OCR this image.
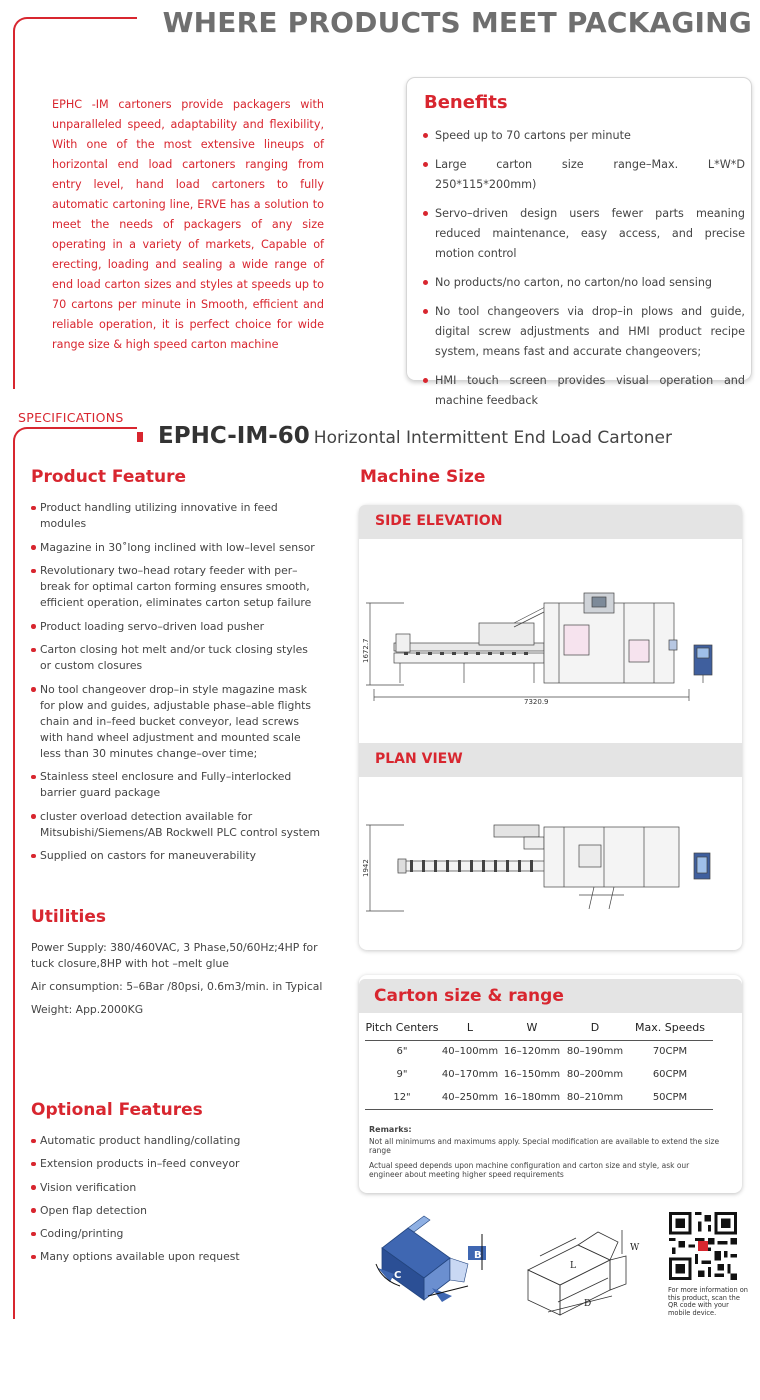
WHERE PRODUCTS MEET PACKAGING

EPHC -IM cartoners provide packagers with unparalleled speed, adaptability and flexibility, With one of the most extensive lineups of horizontal end load cartoners ranging from entry level, hand load cartoners to fully automatic cartoning line, ERVE has a solution to meet the needs of packagers of any size operating in a variety of markets, Capable of erecting, loading and sealing a wide range of end load carton sizes and styles at speeds up to 70 cartons per minute in Smooth, efficient and reliable operation, it is perfect choice for wide range size & high speed carton machine

Benefits
Speed up to 70 cartons per minute
Large carton size range–Max. L*W*D 250*115*200mm)
Servo–driven design users fewer parts meaning reduced maintenance, easy access, and precise motion control
No products/no carton, no carton/no load sensing
No tool changeovers via drop–in plows and guide, digital screw adjustments and HMI product recipe system, means fast and accurate changeovers;
HMI touch screen provides visual operation and machine feedback
SPECIFICATIONS
EPHC-IM-60 Horizontal Intermittent End Load Cartoner
Product Feature
Product handling utilizing innovative in feed modules
Magazine in 30˚long inclined with low–level sensor
Revolutionary two–head rotary feeder with per–break for optimal carton forming ensures smooth, efficient operation, eliminates carton setup failure
Product loading servo–driven load pusher
Carton closing hot melt and/or tuck closing styles or custom closures
No tool changeover drop–in style magazine mask for plow and guides, adjustable phase–able flights chain and in–feed bucket conveyor, lead screws with hand wheel adjustment and mounted scale less than 30 minutes change–over time;
Stainless steel enclosure and Fully–interlocked barrier guard package
cluster overload detection available for Mitsubishi/Siemens/AB Rockwell PLC control system
Supplied on castors for maneuverability
Utilities

Power Supply: 380/460VAC, 3 Phase,50/60Hz;4HP for tuck closure,8HP with hot –melt glue

Air consumption: 5–6Bar /80psi, 0.6m3/min. in Typical

Weight: App.2000KG

Optional Features
Automatic product handling/collating
Extension products in–feed conveyor
Vision verification
Open flap detection
Coding/printing
Many options available upon request
Machine Size
SIDE ELEVATION
PLAN VIEW
1672.7
7320.9
1942
Carton size & range
Pitch Centers	L	W	D	Max. Speeds
6"	40–100mm	16–120mm	80–190mm	70CPM
9"	40–170mm	16–150mm	80–200mm	60CPM
12"	40–250mm	16–180mm	80–210mm	50CPM
Remarks:

Not all minimums and maximums apply. Special modification are available to extend the size range

Actual speed depends upon machine configuration and carton size and style, ask our engineer about meeting higher speed requirements

B
C
A
L
W
D
For more information on this product, scan the QR code with your mobile device.
